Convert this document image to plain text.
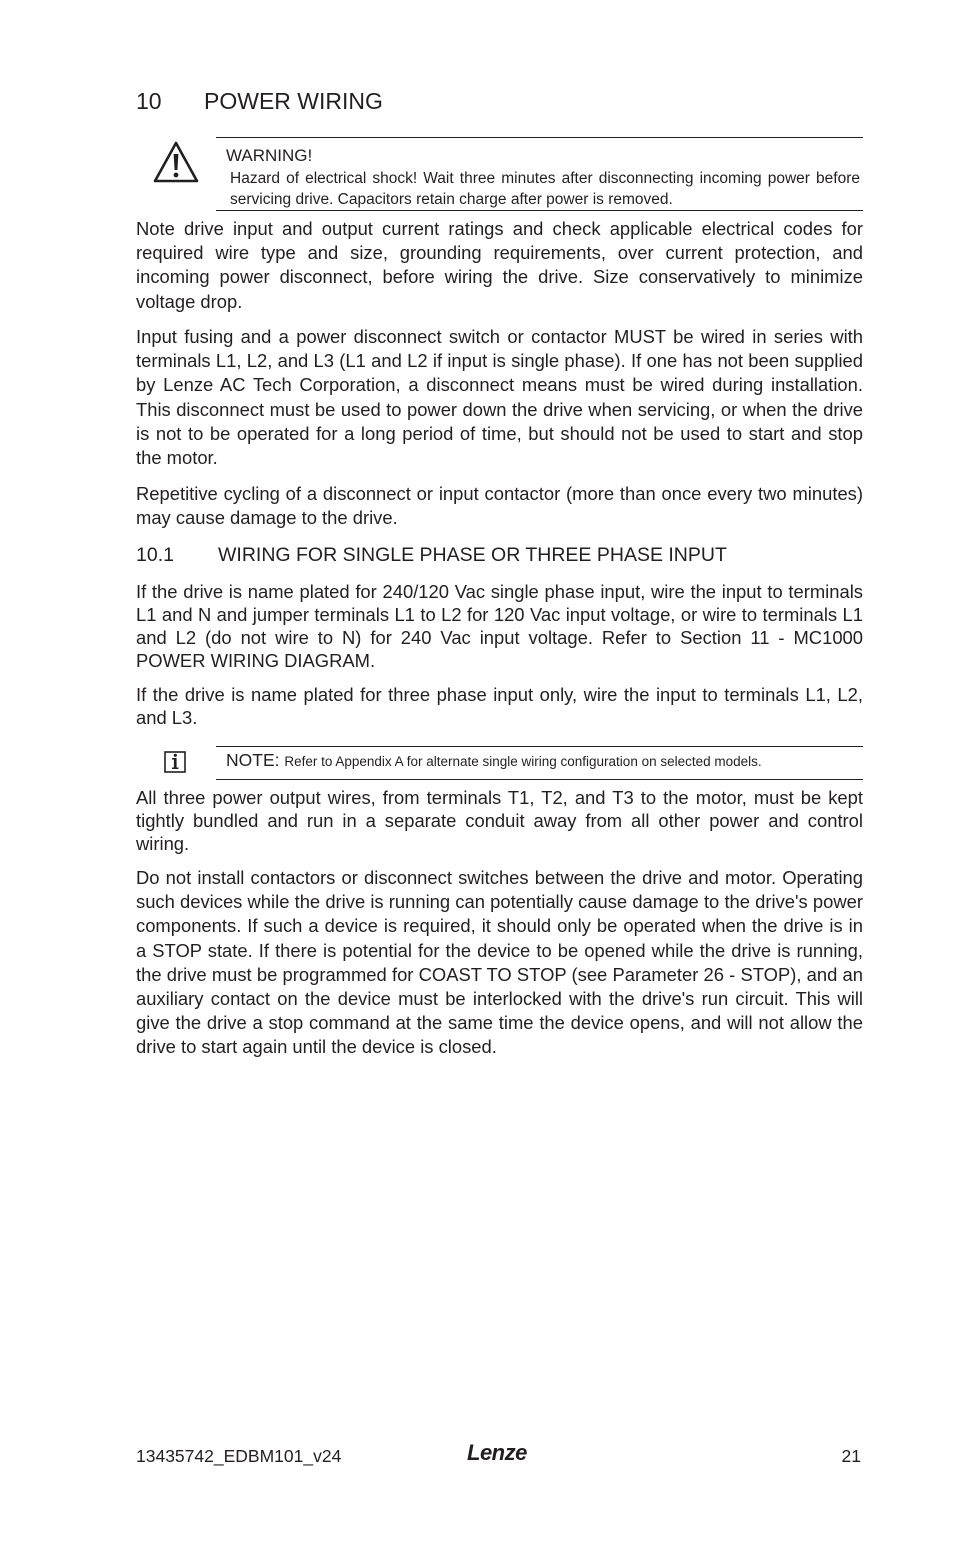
10	POWER WIRING
WARNING!
Hazard of electrical shock! Wait three minutes after disconnecting incoming power before servicing drive. Capacitors retain charge after power is removed.

Note drive input and output current ratings and check applicable electrical codes for required wire type and size, grounding requirements, over current protection, and incoming power disconnect, before wiring the drive. Size conservatively to minimize voltage drop.

Input fusing and a power disconnect switch or contactor MUST be wired in series with terminals L1, L2, and L3 (L1 and L2 if input is single phase). If one has not been supplied by Lenze AC Tech Corporation, a disconnect means must be wired during installation. This disconnect must be used to power down the drive when servicing, or when the drive is not to be operated for a long period of time, but should not be used to start and stop the motor.

Repetitive cycling of a disconnect or input contactor (more than once every two minutes) may cause damage to the drive.

10.1	WIRING FOR SINGLE PHASE OR THREE PHASE INPUT

If the drive is name plated for 240/120 Vac single phase input, wire the input to terminals L1 and N and jumper terminals L1 to L2 for 120 Vac input voltage, or wire to terminals L1 and L2 (do not wire to N) for 240 Vac input voltage. Refer to Section 11 - MC1000 POWER WIRING DIAGRAM.

If the drive is name plated for three phase input only, wire the input to terminals L1, L2, and L3.

NOTE: Refer to Appendix A for alternate single wiring configuration on selected models.

All three power output wires, from terminals T1, T2, and T3 to the motor, must be kept tightly bundled and run in a separate conduit away from all other power and control wiring.

Do not install contactors or disconnect switches between the drive and motor. Operating such devices while the drive is running can potentially cause damage to the drive's power components. If such a device is required, it should only be operated when the drive is in a STOP state. If there is potential for the device to be opened while the drive is running, the drive must be programmed for COAST TO STOP (see Parameter 26 - STOP), and an auxiliary contact on the device must be interlocked with the drive's run circuit. This will give the drive a stop command at the same time the device opens, and will not allow the drive to start again until the device is closed.

13435742_EDBM101_v24	Lenze	21
